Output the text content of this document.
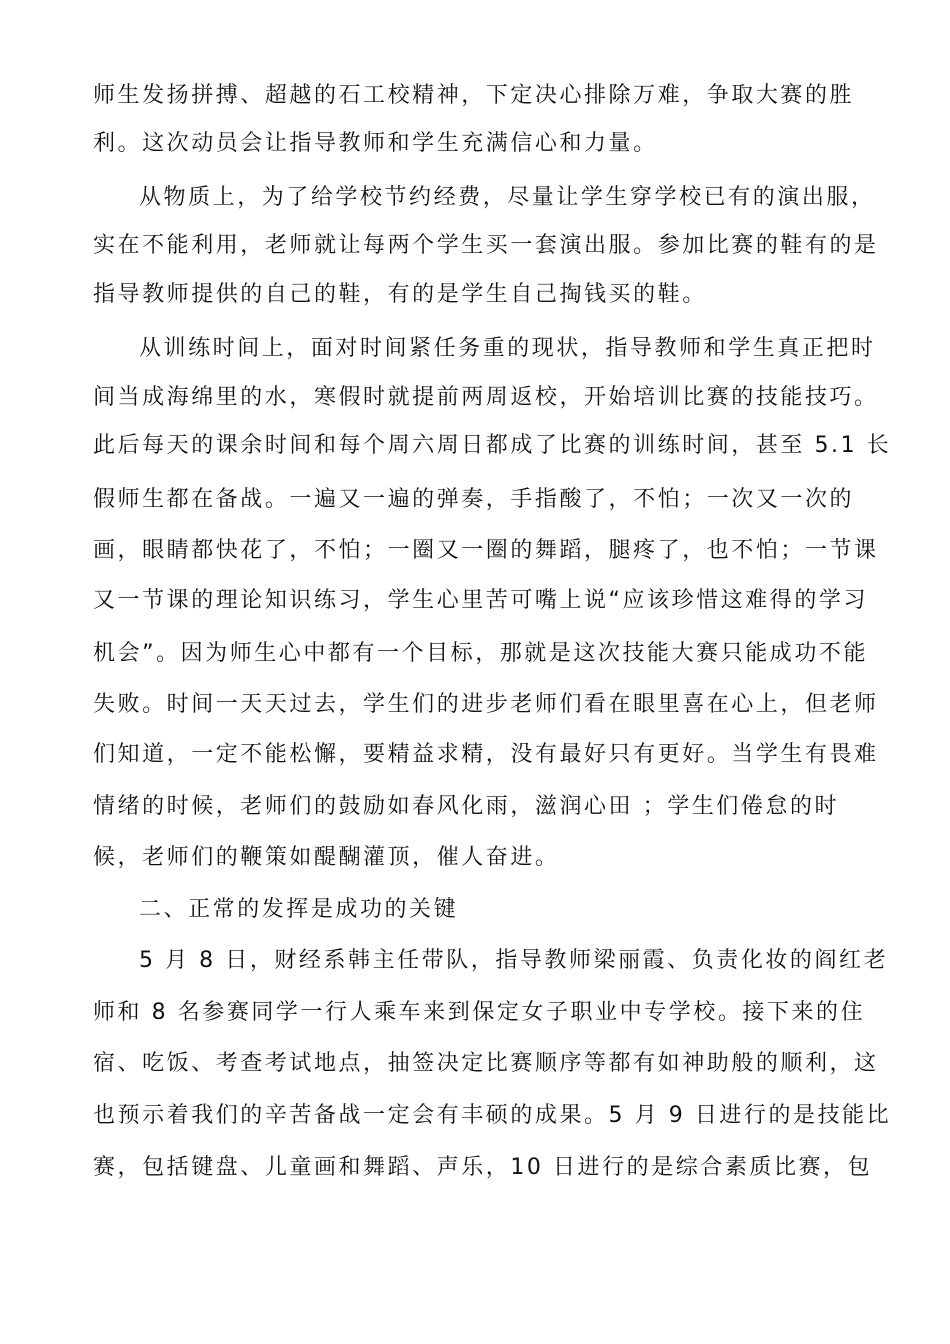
师生发扬拼搏、超越的石工校精神，下定决心排除万难，争取大赛的胜
利。这次动员会让指导教师和学生充满信心和力量。
从物质上，为了给学校节约经费，尽量让学生穿学校已有的演出服，
实在不能利用，老师就让每两个学生买一套演出服。参加比赛的鞋有的是
指导教师提供的自己的鞋，有的是学生自己掏钱买的鞋。
从训练时间上，面对时间紧任务重的现状，指导教师和学生真正把时
间当成海绵里的水，寒假时就提前两周返校，开始培训比赛的技能技巧。
此后每天的课余时间和每个周六周日都成了比赛的训练时间，甚至 5.1 长
假师生都在备战。一遍又一遍的弹奏，手指酸了，不怕；一次又一次的
画，眼睛都快花了，不怕；一圈又一圈的舞蹈，腿疼了，也不怕；一节课
又一节课的理论知识练习，学生心里苦可嘴上说“应该珍惜这难得的学习
机会”。因为师生心中都有一个目标，那就是这次技能大赛只能成功不能
失败。时间一天天过去，学生们的进步老师们看在眼里喜在心上，但老师
们知道，一定不能松懈，要精益求精，没有最好只有更好。当学生有畏难
情绪的时候，老师们的鼓励如春风化雨，滋润心田 ；学生们倦怠的时
候，老师们的鞭策如醍醐灌顶，催人奋进。
二、正常的发挥是成功的关键
5 月 8 日，财经系韩主任带队，指导教师梁丽霞、负责化妆的阎红老
师和 8 名参赛同学一行人乘车来到保定女子职业中专学校。接下来的住
宿、吃饭、考查考试地点，抽签决定比赛顺序等都有如神助般的顺利，这
也预示着我们的辛苦备战一定会有丰硕的成果。5 月 9 日进行的是技能比
赛，包括键盘、儿童画和舞蹈、声乐，10 日进行的是综合素质比赛，包
